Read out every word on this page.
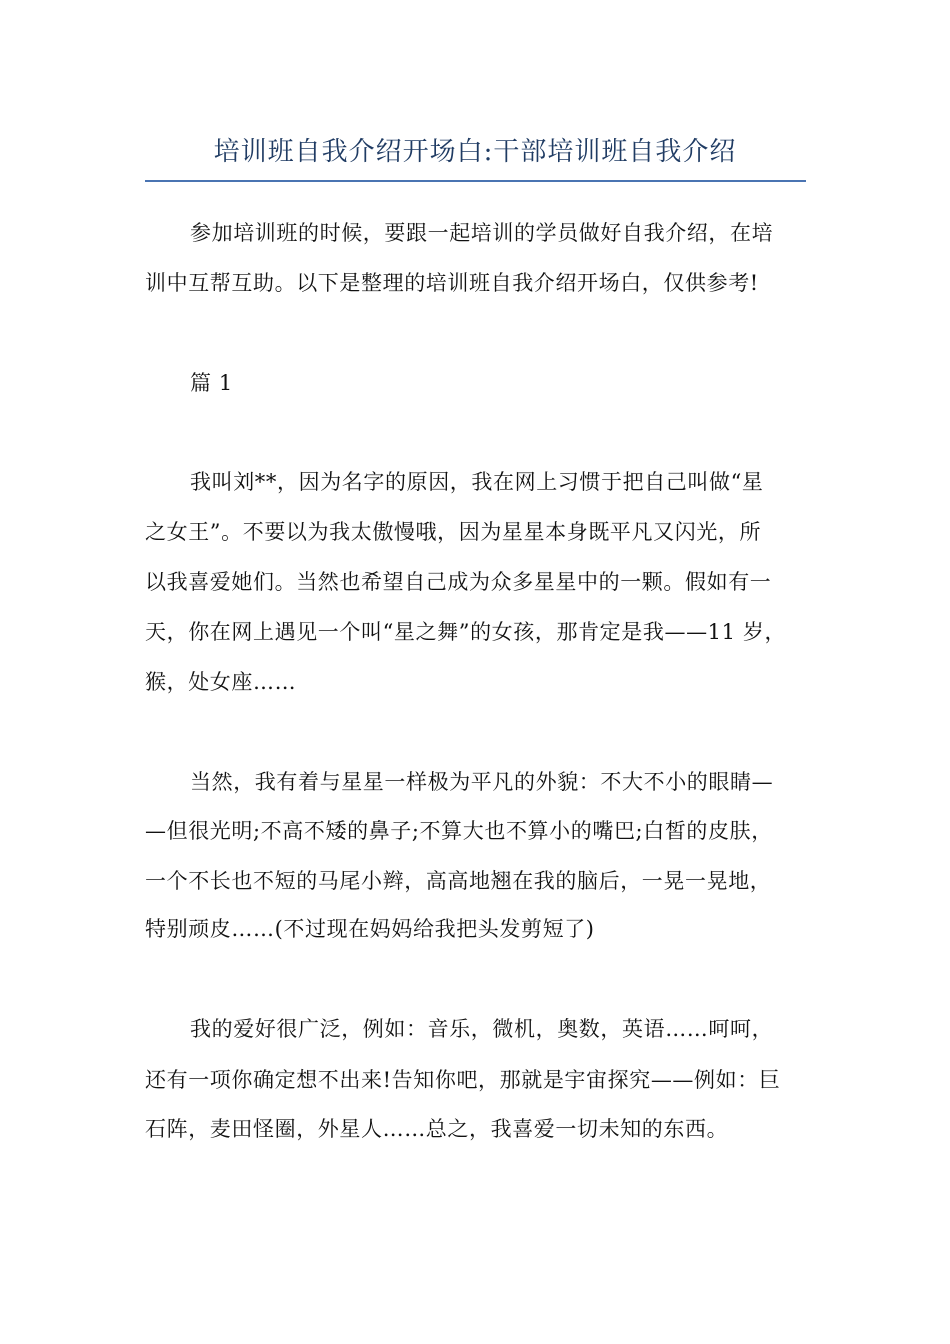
培训班自我介绍开场白:干部培训班自我介绍
参加培训班的时候，要跟一起培训的学员做好自我介绍，在培
训中互帮互助。以下是整理的培训班自我介绍开场白，仅供参考!
篇 1
我叫刘**，因为名字的原因，我在网上习惯于把自己叫做“星
之女王”。不要以为我太傲慢哦，因为星星本身既平凡又闪光，所
以我喜爱她们。当然也希望自己成为众多星星中的一颗。假如有一
天，你在网上遇见一个叫“星之舞”的女孩，那肯定是我——11 岁，
猴，处女座……
当然，我有着与星星一样极为平凡的外貌：不大不小的眼睛—
—但很光明;不高不矮的鼻子;不算大也不算小的嘴巴;白皙的皮肤，
一个不长也不短的马尾小辫，高高地翘在我的脑后，一晃一晃地，
特别顽皮……(不过现在妈妈给我把头发剪短了)
我的爱好很广泛，例如：音乐，微机，奥数，英语……呵呵，
还有一项你确定想不出来!告知你吧，那就是宇宙探究——例如：巨
石阵，麦田怪圈，外星人……总之，我喜爱一切未知的东西。
